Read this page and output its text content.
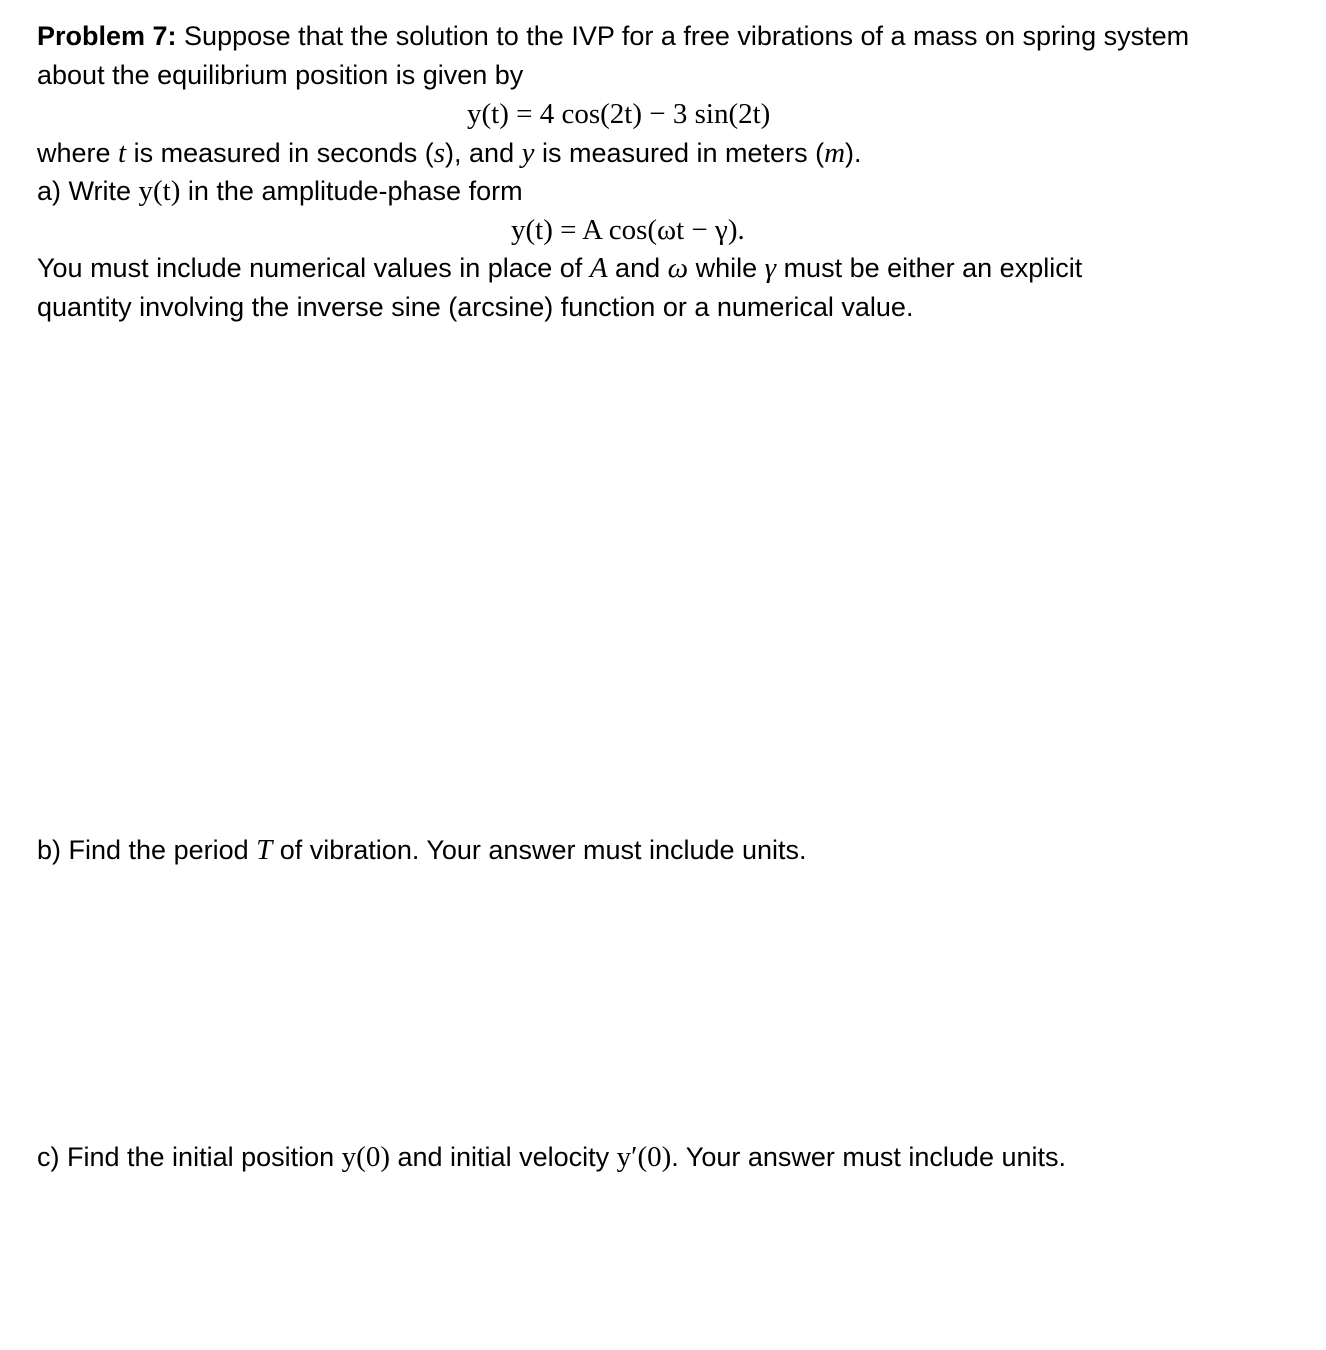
Problem 7: Suppose that the solution to the IVP for a free vibrations of a mass on spring system
about the equilibrium position is given by
y(t) = 4 cos(2t) − 3 sin(2t)
where t is measured in seconds (s), and y is measured in meters (m).
a) Write y(t) in the amplitude-phase form
y(t) = A cos(ωt − γ).
You must include numerical values in place of A and ω while γ must be either an explicit
quantity involving the inverse sine (arcsine) function or a numerical value.
b) Find the period T of vibration. Your answer must include units.
c) Find the initial position y(0) and initial velocity y′(0). Your answer must include units.
